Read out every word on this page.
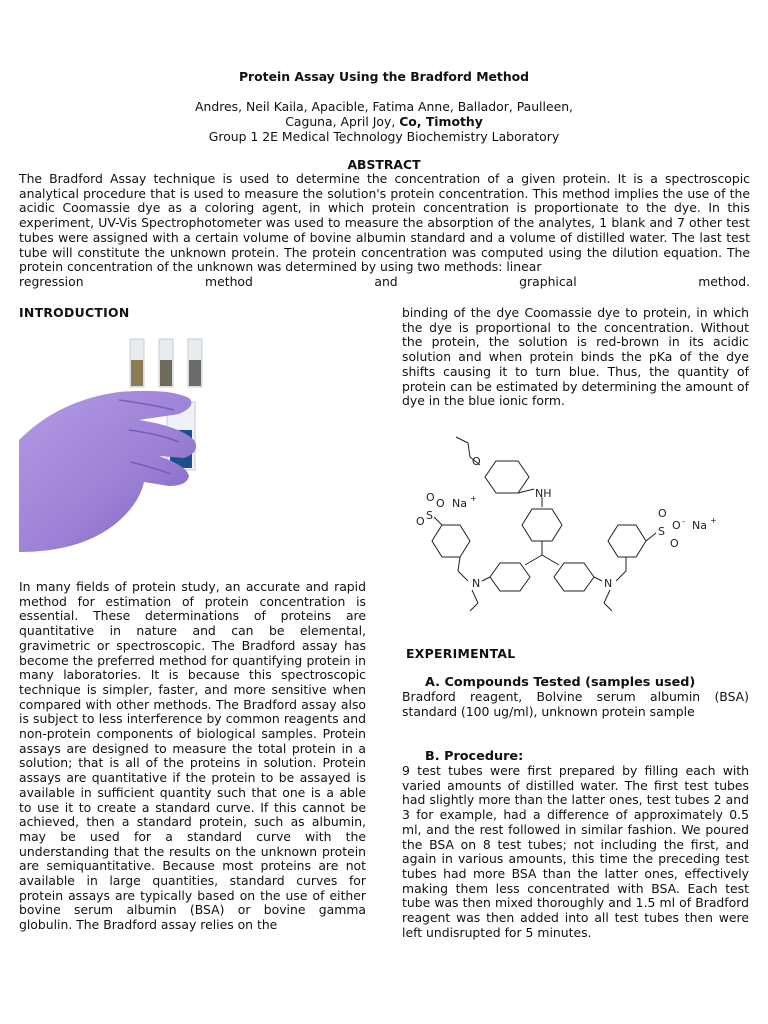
Protein Assay Using the Bradford Method
Andres, Neil Kaila, Apacible, Fatima Anne, Ballador, Paulleen,
Caguna, April Joy, Co, Timothy
Group 1 2E Medical Technology Biochemistry Laboratory
ABSTRACT
The Bradford Assay technique is used to determine the concentration of a given protein. It is a spectroscopic analytical procedure that is used to measure the solution's protein concentration. This method implies the use of the acidic Coomassie dye as a coloring agent, in which protein concentration is proportionate to the dye. In this experiment, UV-Vis Spectrophotometer was used to measure the absorption of the analytes, 1 blank and 7 other test tubes were assigned with a certain volume of bovine albumin standard and a volume of distilled water. The last test tube will constitute the unknown protein. The protein concentration was computed using the dilution equation. The protein concentration of the unknown was determined by using two methods: linear
regression method and graphical method.
INTRODUCTION
In many fields of protein study, an accurate and rapid method for estimation of protein concentration is essential. These determinations of proteins are quantitative in nature and can be elemental, gravimetric or spectroscopic. The Bradford assay has become the preferred method for quantifying protein in many laboratories. It is because this spectroscopic technique is simpler, faster, and more sensitive when compared with other methods. The Bradford assay also is subject to less interference by common reagents and non-protein components of biological samples. Protein assays are designed to measure the total protein in a solution; that is all of the proteins in solution. Protein assays are quantitative if the protein to be assayed is available in sufficient quantity such that one is a able to use it to create a standard curve. If this cannot be achieved, then a standard protein, such as albumin, may be used for a standard curve with the understanding that the results on the unknown protein are semiquantitative. Because most proteins are not available in large quantities, standard curves for protein assays are typically based on the use of either bovine serum albumin (BSA) or bovine gamma globulin. The Bradford assay relies on the
binding of the dye Coomassie dye to protein, in which the dye is proportional to the concentration. Without the protein, the solution is red-brown in its acidic solution and when protein binds the pKa of the dye shifts causing it to turn blue. Thus, the quantity of protein can be estimated by determining the amount of dye in the blue ionic form.
O
NH
N	N
S
O
O O Na +
S
O
O
O - Na +
EXPERIMENTAL
A. Compounds Tested (samples used)
Bradford reagent, Bolvine serum albumin (BSA) standard (100 ug/ml), unknown protein sample
B. Procedure:
9 test tubes were first prepared by filling each with varied amounts of distilled water. The first test tubes had slightly more than the latter ones, test tubes 2 and 3 for example, had a difference of approximately 0.5 ml, and the rest followed in similar fashion. We poured the BSA on 8 test tubes; not including the first, and again in various amounts, this time the preceding test tubes had more BSA than the latter ones, effectively making them less concentrated with BSA. Each test tube was then mixed thoroughly and 1.5 ml of Bradford reagent was then added into all test tubes then were left undisrupted for 5 minutes.
